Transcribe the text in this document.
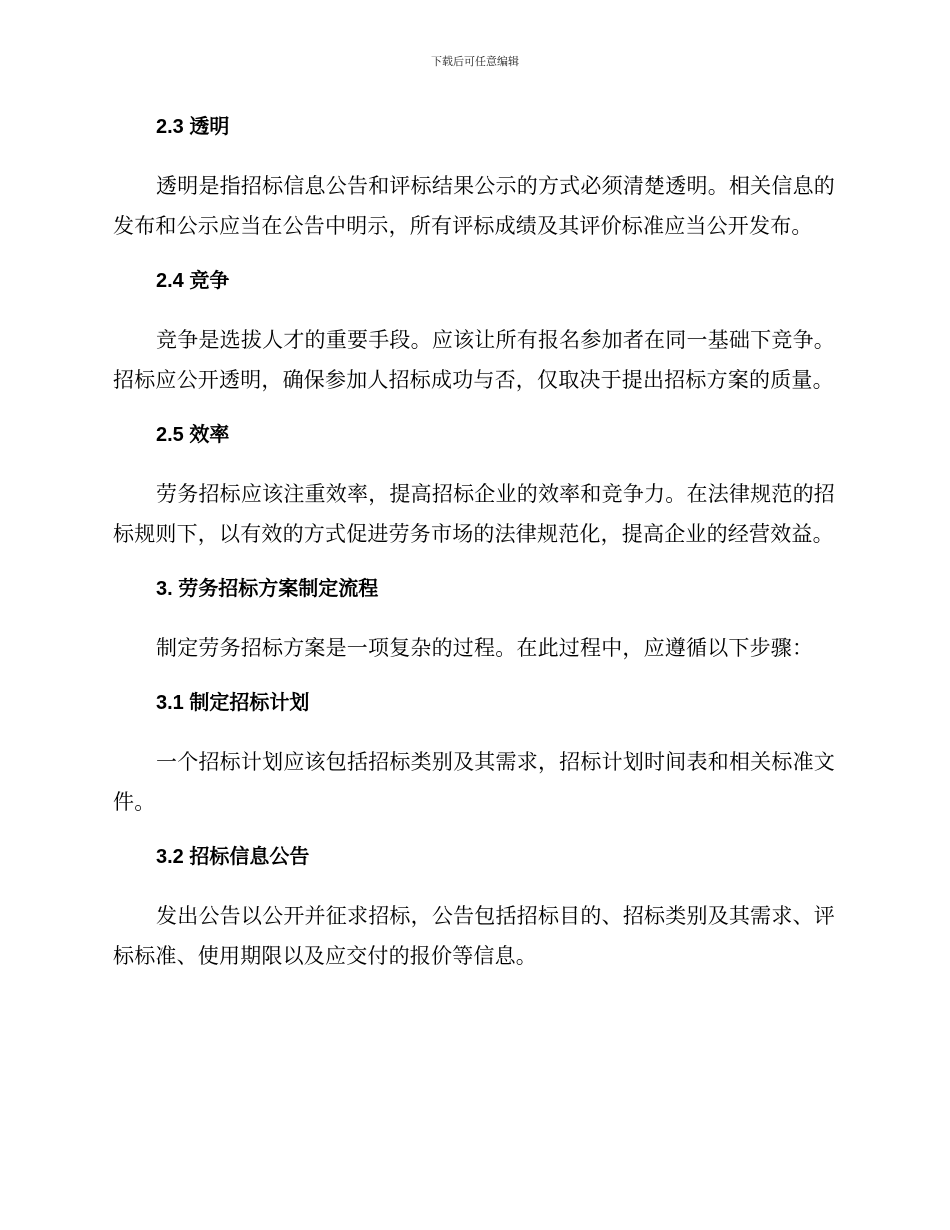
下载后可任意编辑
2.3 透明

透明是指招标信息公告和评标结果公示的方式必须清楚透明。相关信息的发布和公示应当在公告中明示，所有评标成绩及其评价标准应当公开发布。

2.4 竞争

竞争是选拔人才的重要手段。应该让所有报名参加者在同一基础下竞争。招标应公开透明，确保参加人招标成功与否，仅取决于提出招标方案的质量。

2.5 效率

劳务招标应该注重效率，提高招标企业的效率和竞争力。在法律规范的招标规则下，以有效的方式促进劳务市场的法律规范化，提高企业的经营效益。

3. 劳务招标方案制定流程

制定劳务招标方案是一项复杂的过程。在此过程中，应遵循以下步骤：

3.1 制定招标计划

一个招标计划应该包括招标类别及其需求，招标计划时间表和相关标准文件。

3.2 招标信息公告

发出公告以公开并征求招标，公告包括招标目的、招标类别及其需求、评标标准、使用期限以及应交付的报价等信息。
